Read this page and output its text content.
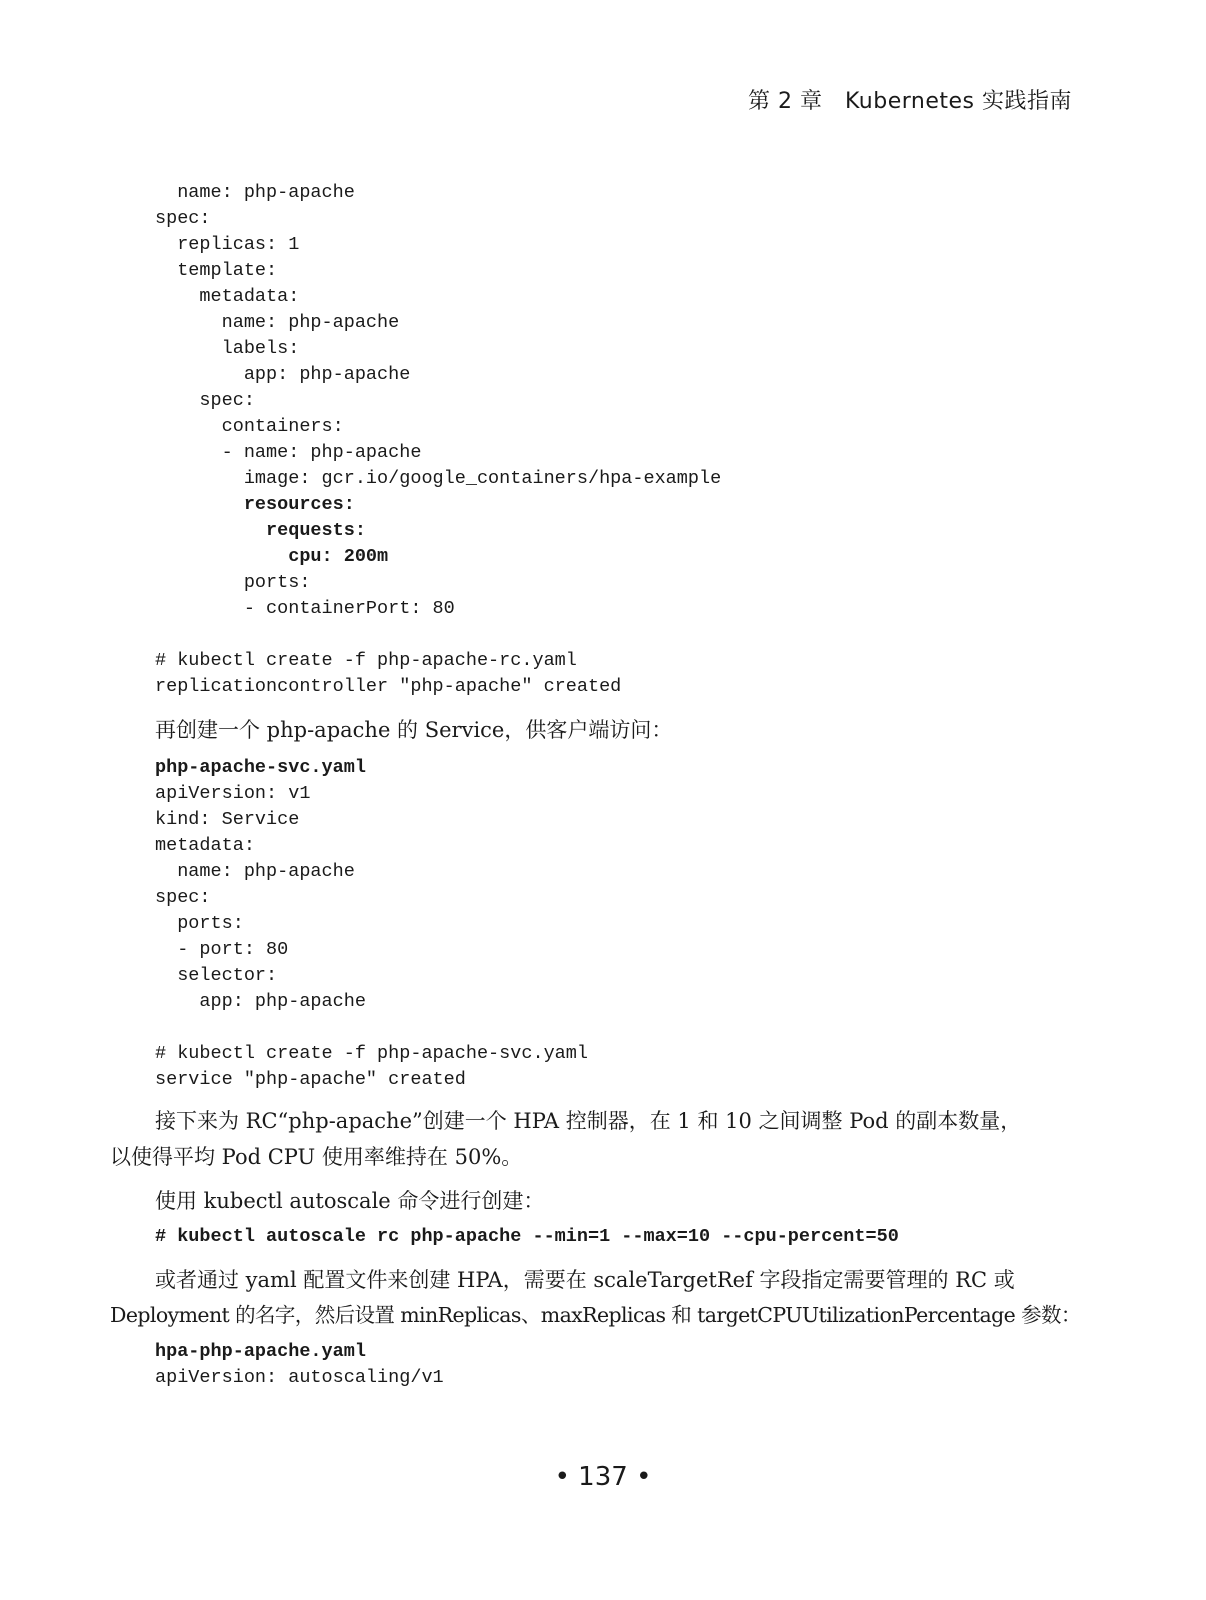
第 2 章 Kubernetes 实践指南
name: php-apache
spec:
replicas: 1
template:
metadata:
name: php-apache
labels:
app: php-apache
spec:
containers:
- name: php-apache
image: gcr.io/google_containers/hpa-example
resources:
requests:
cpu: 200m
ports:
- containerPort: 80
# kubectl create -f php-apache-rc.yaml
replicationcontroller "php-apache" created

再创建一个 php-apache 的 Service，供客户端访问：

php-apache-svc.yaml
apiVersion: v1
kind: Service
metadata:
name: php-apache
spec:
ports:
- port: 80
selector:
app: php-apache
# kubectl create -f php-apache-svc.yaml
service "php-apache" created

接下来为 RC“php-apache”创建一个 HPA 控制器，在 1 和 10 之间调整 Pod 的副本数量，

以使得平均 Pod CPU 使用率维持在 50%。

使用 kubectl autoscale 命令进行创建：

# kubectl autoscale rc php-apache --min=1 --max=10 --cpu-percent=50

或者通过 yaml 配置文件来创建 HPA，需要在 scaleTargetRef 字段指定需要管理的 RC 或

Deployment 的名字，然后设置 minReplicas、maxReplicas 和 targetCPUUtilizationPercentage 参数：

hpa-php-apache.yaml
apiVersion: autoscaling/v1
• 137 •
